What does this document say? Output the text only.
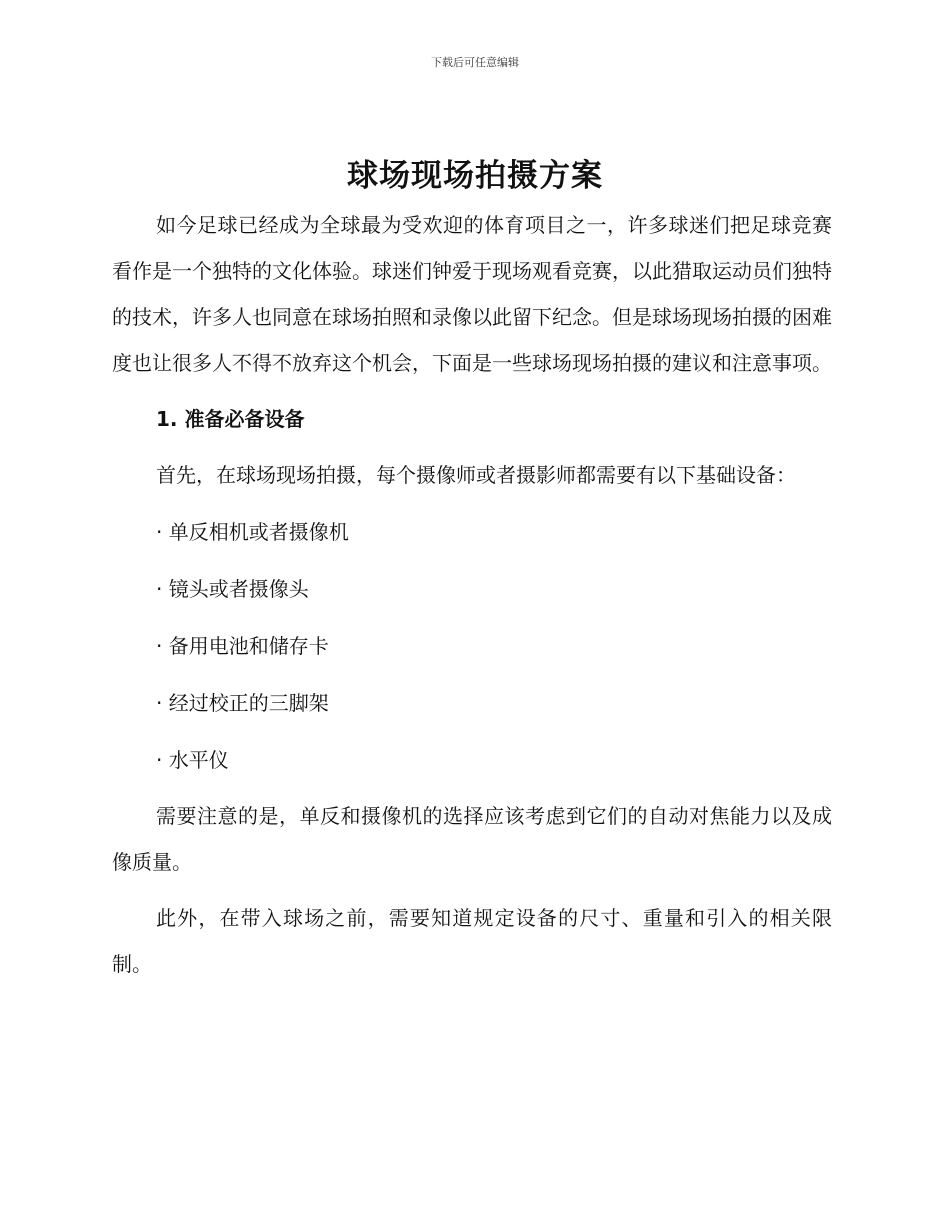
下载后可任意编辑
球场现场拍摄方案

如今足球已经成为全球最为受欢迎的体育项目之一，许多球迷们把足球竞赛看作是一个独特的文化体验。球迷们钟爱于现场观看竞赛，以此猎取运动员们独特的技术，许多人也同意在球场拍照和录像以此留下纪念。但是球场现场拍摄的困难度也让很多人不得不放弃这个机会，下面是一些球场现场拍摄的建议和注意事项。

1. 准备必备设备

首先，在球场现场拍摄，每个摄像师或者摄影师都需要有以下基础设备：

· 单反相机或者摄像机
· 镜头或者摄像头
· 备用电池和储存卡
· 经过校正的三脚架
· 水平仪

需要注意的是，单反和摄像机的选择应该考虑到它们的自动对焦能力以及成像质量。

此外，在带入球场之前，需要知道规定设备的尺寸、重量和引入的相关限制。
